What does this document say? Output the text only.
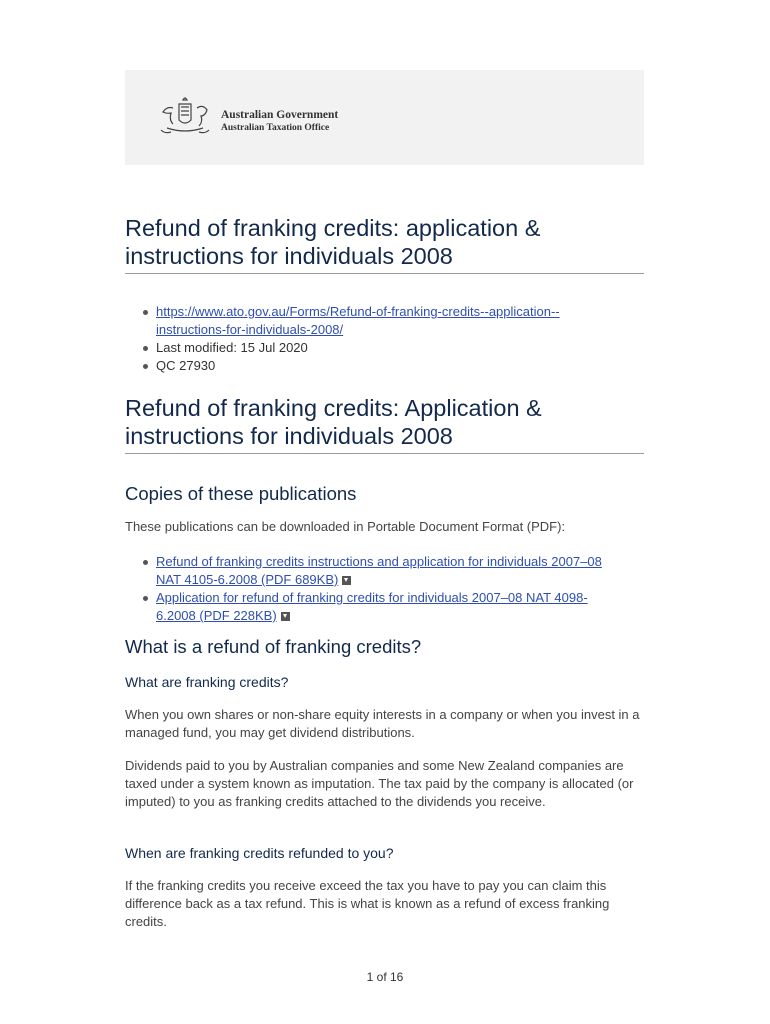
Australian Government
Australian Taxation Office
Refund of franking credits: application & instructions for individuals 2008
https://www.ato.gov.au/Forms/Refund-of-franking-credits--application--
instructions-for-individuals-2008/
Last modified: 15 Jul 2020
QC 27930
Refund of franking credits: Application & instructions for individuals 2008
Copies of these publications

These publications can be downloaded in Portable Document Format (PDF):

Refund of franking credits instructions and application for individuals 2007–08
NAT 4105-6.2008 (PDF 689KB)
Application for refund of franking credits for individuals 2007–08 NAT 4098-
6.2008 (PDF 228KB)
What is a refund of franking credits?
What are franking credits?

When you own shares or non-share equity interests in a company or when you invest in a managed fund, you may get dividend distributions.

Dividends paid to you by Australian companies and some New Zealand companies are taxed under a system known as imputation. The tax paid by the company is allocated (or imputed) to you as franking credits attached to the dividends you receive.

When are franking credits refunded to you?

If the franking credits you receive exceed the tax you have to pay you can claim this difference back as a tax refund. This is what is known as a refund of excess franking credits.

1 of 16
